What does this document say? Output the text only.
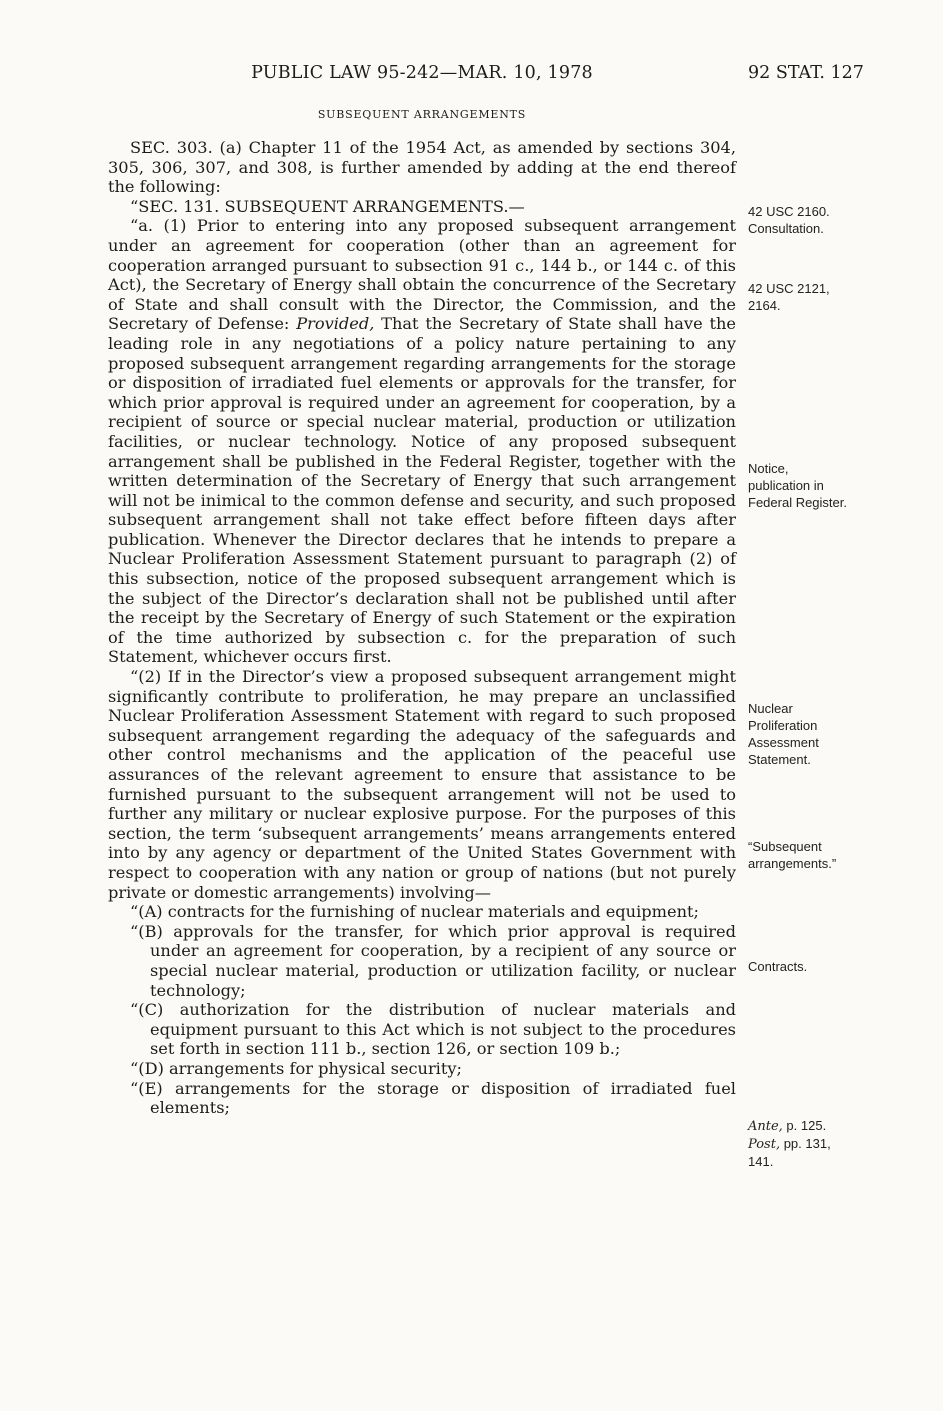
PUBLIC LAW 95-242—MAR. 10, 1978	92 STAT. 127
SUBSEQUENT ARRANGEMENTS

SEC. 303. (a) Chapter 11 of the 1954 Act, as amended by sections 304, 305, 306, 307, and 308, is further amended by adding at the end thereof the following:

“SEC. 131. SUBSEQUENT ARRANGEMENTS.—

“a. (1) Prior to entering into any proposed subsequent arrangement under an agreement for cooperation (other than an agreement for cooperation arranged pursuant to subsection 91 c., 144 b., or 144 c. of this Act), the Secretary of Energy shall obtain the concurrence of the Secretary of State and shall consult with the Director, the Commission, and the Secretary of Defense: Provided, That the Secretary of State shall have the leading role in any negotiations of a policy nature pertaining to any proposed subsequent arrangement regarding arrangements for the storage or disposition of irradiated fuel elements or approvals for the transfer, for which prior approval is required under an agreement for cooperation, by a recipient of source or special nuclear material, production or utilization facilities, or nuclear technology. Notice of any proposed subsequent arrangement shall be published in the Federal Register, together with the written determination of the Secretary of Energy that such arrangement will not be inimical to the common defense and security, and such proposed subsequent arrangement shall not take effect before fifteen days after publication. Whenever the Director declares that he intends to prepare a Nuclear Proliferation Assessment Statement pursuant to paragraph (2) of this subsection, notice of the proposed subsequent arrangement which is the subject of the Director’s declaration shall not be published until after the receipt by the Secretary of Energy of such Statement or the expiration of the time authorized by subsection c. for the preparation of such Statement, whichever occurs first.

“(2) If in the Director’s view a proposed subsequent arrangement might significantly contribute to proliferation, he may prepare an unclassified Nuclear Proliferation Assessment Statement with regard to such proposed subsequent arrangement regarding the adequacy of the safeguards and other control mechanisms and the application of the peaceful use assurances of the relevant agreement to ensure that assistance to be furnished pursuant to the subsequent arrangement will not be used to further any military or nuclear explosive purpose. For the purposes of this section, the term ‘subsequent arrangements’ means arrangements entered into by any agency or department of the United States Government with respect to cooperation with any nation or group of nations (but not purely private or domestic arrangements) involving—

“(A) contracts for the furnishing of nuclear materials and equipment;

“(B) approvals for the transfer, for which prior approval is required under an agreement for cooperation, by a recipient of any source or special nuclear material, production or utilization facility, or nuclear technology;

“(C) authorization for the distribution of nuclear materials and equipment pursuant to this Act which is not subject to the procedures set forth in section 111 b., section 126, or section 109 b.;

“(D) arrangements for physical security;

“(E) arrangements for the storage or disposition of irradiated fuel elements;

42 USC 2160.
Consultation.
42 USC 2121,
2164.
Notice,
publication in
Federal Register.
Nuclear
Proliferation
Assessment
Statement.
“Subsequent
arrangements.”
Contracts.
Ante, p. 125.
Post, pp. 131,
141.
